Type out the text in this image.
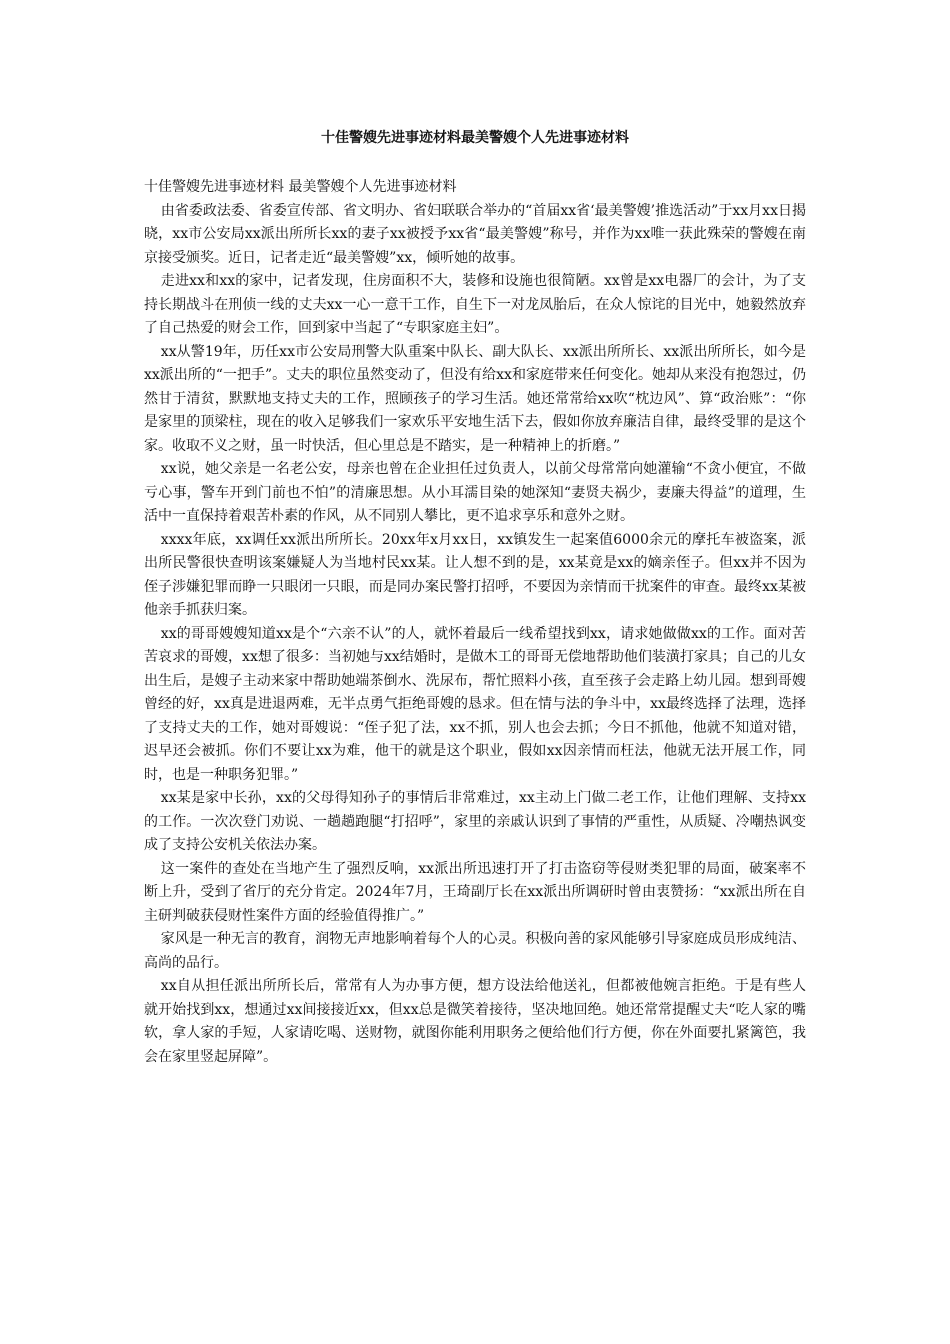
十佳警嫂先进事迹材料最美警嫂个人先进事迹材料

十佳警嫂先进事迹材料 最美警嫂个人先进事迹材料

由省委政法委、省委宣传部、省文明办、省妇联联合举办的“首届xx省‘最美警嫂’推选活动”于xx月xx日揭晓，xx市公安局xx派出所所长xx的妻子xx被授予xx省“最美警嫂”称号，并作为xx唯一获此殊荣的警嫂在南京接受颁奖。近日，记者走近“最美警嫂”xx，倾听她的故事。

走进xx和xx的家中，记者发现，住房面积不大，装修和设施也很简陋。xx曾是xx电器厂的会计，为了支持长期战斗在刑侦一线的丈夫xx一心一意干工作，自生下一对龙凤胎后，在众人惊诧的目光中，她毅然放弃了自己热爱的财会工作，回到家中当起了“专职家庭主妇”。

xx从警19年，历任xx市公安局刑警大队重案中队长、副大队长、xx派出所所长、xx派出所所长，如今是xx派出所的“一把手”。丈夫的职位虽然变动了，但没有给xx和家庭带来任何变化。她却从来没有抱怨过，仍然甘于清贫，默默地支持丈夫的工作，照顾孩子的学习生活。她还常常给xx吹“枕边风”、算“政治账”：“你是家里的顶梁柱，现在的收入足够我们一家欢乐平安地生活下去，假如你放弃廉洁自律，最终受罪的是这个家。收取不义之财，虽一时快活，但心里总是不踏实，是一种精神上的折磨。”

xx说，她父亲是一名老公安，母亲也曾在企业担任过负责人，以前父母常常向她灌输“不贪小便宜，不做亏心事，警车开到门前也不怕”的清廉思想。从小耳濡目染的她深知“妻贤夫祸少，妻廉夫得益”的道理，生活中一直保持着艰苦朴素的作风，从不同别人攀比，更不追求享乐和意外之财。

xxxx年底，xx调任xx派出所所长。20xx年x月xx日，xx镇发生一起案值6000余元的摩托车被盗案，派出所民警很快查明该案嫌疑人为当地村民xx某。让人想不到的是，xx某竟是xx的嫡亲侄子。但xx并不因为侄子涉嫌犯罪而睁一只眼闭一只眼，而是同办案民警打招呼，不要因为亲情而干扰案件的审查。最终xx某被他亲手抓获归案。

xx的哥哥嫂嫂知道xx是个“六亲不认”的人，就怀着最后一线希望找到xx，请求她做做xx的工作。面对苦苦哀求的哥嫂，xx想了很多：当初她与xx结婚时，是做木工的哥哥无偿地帮助他们装潢打家具；自己的儿女出生后，是嫂子主动来家中帮助她端茶倒水、洗尿布，帮忙照料小孩，直至孩子会走路上幼儿园。想到哥嫂曾经的好，xx真是进退两难，无半点勇气拒绝哥嫂的恳求。但在情与法的争斗中，xx最终选择了法理，选择了支持丈夫的工作，她对哥嫂说：“侄子犯了法，xx不抓，别人也会去抓；今日不抓他，他就不知道对错，迟早还会被抓。你们不要让xx为难，他干的就是这个职业，假如xx因亲情而枉法，他就无法开展工作，同时，也是一种职务犯罪。”

xx某是家中长孙，xx的父母得知孙子的事情后非常难过，xx主动上门做二老工作，让他们理解、支持xx的工作。一次次登门劝说、一趟趟跑腿“打招呼”，家里的亲戚认识到了事情的严重性，从质疑、冷嘲热讽变成了支持公安机关依法办案。

这一案件的查处在当地产生了强烈反响，xx派出所迅速打开了打击盗窃等侵财类犯罪的局面，破案率不断上升，受到了省厅的充分肯定。2024年7月，王琦副厅长在xx派出所调研时曾由衷赞扬：“xx派出所在自主研判破获侵财性案件方面的经验值得推广。”

家风是一种无言的教育，润物无声地影响着每个人的心灵。积极向善的家风能够引导家庭成员形成纯洁、高尚的品行。

xx自从担任派出所所长后，常常有人为办事方便，想方设法给他送礼，但都被他婉言拒绝。于是有些人就开始找到xx，想通过xx间接接近xx，但xx总是微笑着接待，坚决地回绝。她还常常提醒丈夫“吃人家的嘴软，拿人家的手短，人家请吃喝、送财物，就图你能利用职务之便给他们行方便，你在外面要扎紧篱笆，我会在家里竖起屏障”。
